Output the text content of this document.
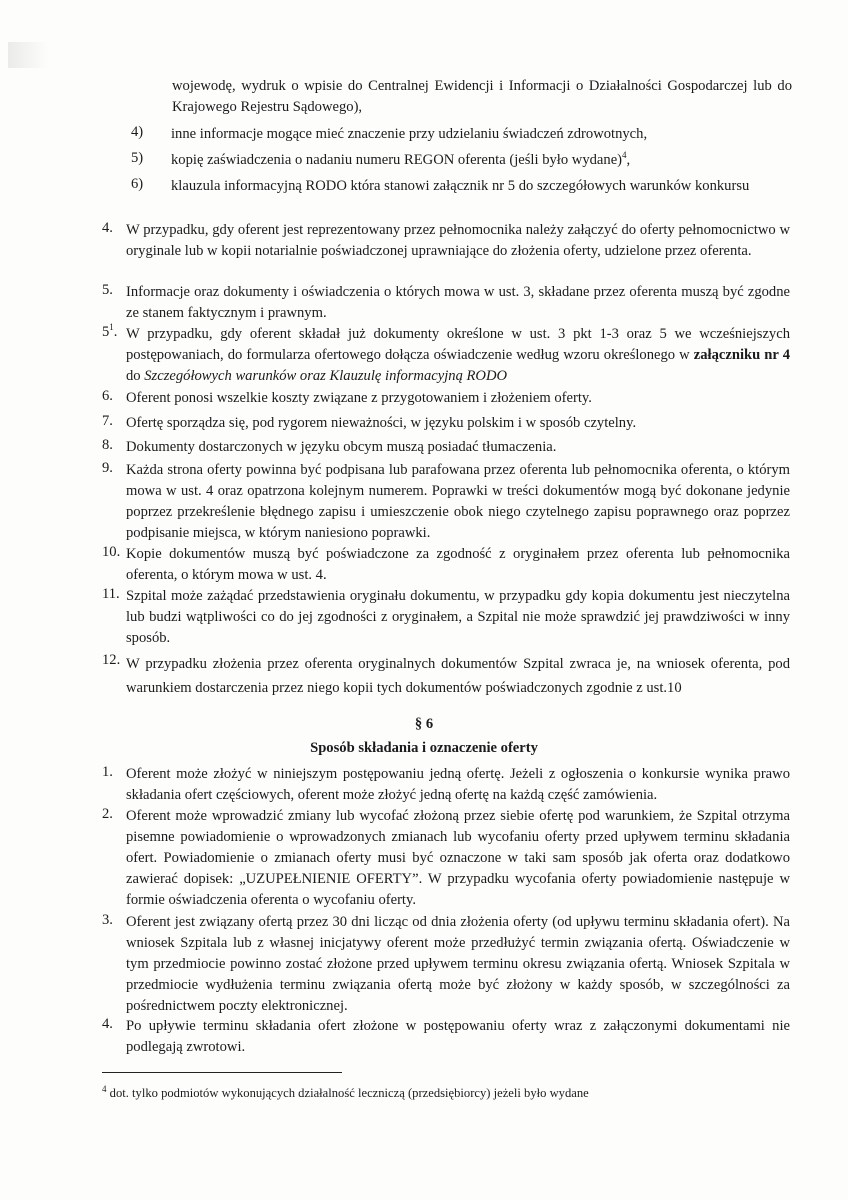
wojewodę, wydruk o wpisie do Centralnej Ewidencji i Informacji o Działalności Gospodarczej lub do Krajowego Rejestru Sądowego),
4) inne informacje mogące mieć znaczenie przy udzielaniu świadczeń zdrowotnych,
5) kopię zaświadczenia o nadaniu numeru REGON oferenta (jeśli było wydane)$^4$,
6) klauzula informacyjną RODO która stanowi załącznik nr 5 do szczegółowych warunków konkursu
4. W przypadku, gdy oferent jest reprezentowany przez pełnomocnika należy załączyć do oferty pełnomocnictwo w oryginale lub w kopii notarialnie poświadczonej uprawniające do złożenia oferty, udzielone przez oferenta.
5. Informacje oraz dokumenty i oświadczenia o których mowa w ust. 3, składane przez oferenta muszą być zgodne ze stanem faktycznym i prawnym.
$5^1$. W przypadku, gdy oferent składał już dokumenty określone w ust. 3 pkt 1-3 oraz 5 we wcześniejszych postępowaniach, do formularza ofertowego dołącza oświadczenie według wzoru określonego w załączniku nr 4 do Szczegółowych warunków oraz Klauzulę informacyjną RODO
6. Oferent ponosi wszelkie koszty związane z przygotowaniem i złożeniem oferty.
7. Ofertę sporządza się, pod rygorem nieważności, w języku polskim i w sposób czytelny.
8. Dokumenty dostarczonych w języku obcym muszą posiadać tłumaczenia.
9. Każda strona oferty powinna być podpisana lub parafowana przez oferenta lub pełnomocnika oferenta, o którym mowa w ust. 4 oraz opatrzona kolejnym numerem. Poprawki w treści dokumentów mogą być dokonane jedynie poprzez przekreślenie błędnego zapisu i umieszczenie obok niego czytelnego zapisu poprawnego oraz poprzez podpisanie miejsca, w którym naniesiono poprawki.
10. Kopie dokumentów muszą być poświadczone za zgodność z oryginałem przez oferenta lub pełnomocnika oferenta, o którym mowa w ust. 4.
11. Szpital może zażądać przedstawienia oryginału dokumentu, w przypadku gdy kopia dokumentu jest nieczytelna lub budzi wątpliwości co do jej zgodności z oryginałem, a Szpital nie może sprawdzić jej prawdziwości w inny sposób.
12. W przypadku złożenia przez oferenta oryginalnych dokumentów Szpital zwraca je, na wniosek oferenta, pod warunkiem dostarczenia przez niego kopii tych dokumentów poświadczonych zgodnie z ust.10
§ 6
Sposób składania i oznaczenie oferty
1. Oferent może złożyć w niniejszym postępowaniu jedną ofertę. Jeżeli z ogłoszenia o konkursie wynika prawo składania ofert częściowych, oferent może złożyć jedną ofertę na każdą część zamówienia.
2. Oferent może wprowadzić zmiany lub wycofać złożoną przez siebie ofertę pod warunkiem, że Szpital otrzyma pisemne powiadomienie o wprowadzonych zmianach lub wycofaniu oferty przed upływem terminu składania ofert. Powiadomienie o zmianach oferty musi być oznaczone w taki sam sposób jak oferta oraz dodatkowo zawierać dopisek: „UZUPEŁNIENIE OFERTY”. W przypadku wycofania oferty powiadomienie następuje w formie oświadczenia oferenta o wycofaniu oferty.
3. Oferent jest związany ofertą przez 30 dni licząc od dnia złożenia oferty (od upływu terminu składania ofert). Na wniosek Szpitala lub z własnej inicjatywy oferent może przedłużyć termin związania ofertą. Oświadczenie w tym przedmiocie powinno zostać złożone przed upływem terminu okresu związania ofertą. Wniosek Szpitala w przedmiocie wydłużenia terminu związania ofertą może być złożony w każdy sposób, w szczególności za pośrednictwem poczty elektronicznej.
4. Po upływie terminu składania ofert złożone w postępowaniu oferty wraz z załączonymi dokumentami nie podlegają zwrotowi.
$^4$ dot. tylko podmiotów wykonujących działalność leczniczą (przedsiębiorcy) jeżeli było wydane
